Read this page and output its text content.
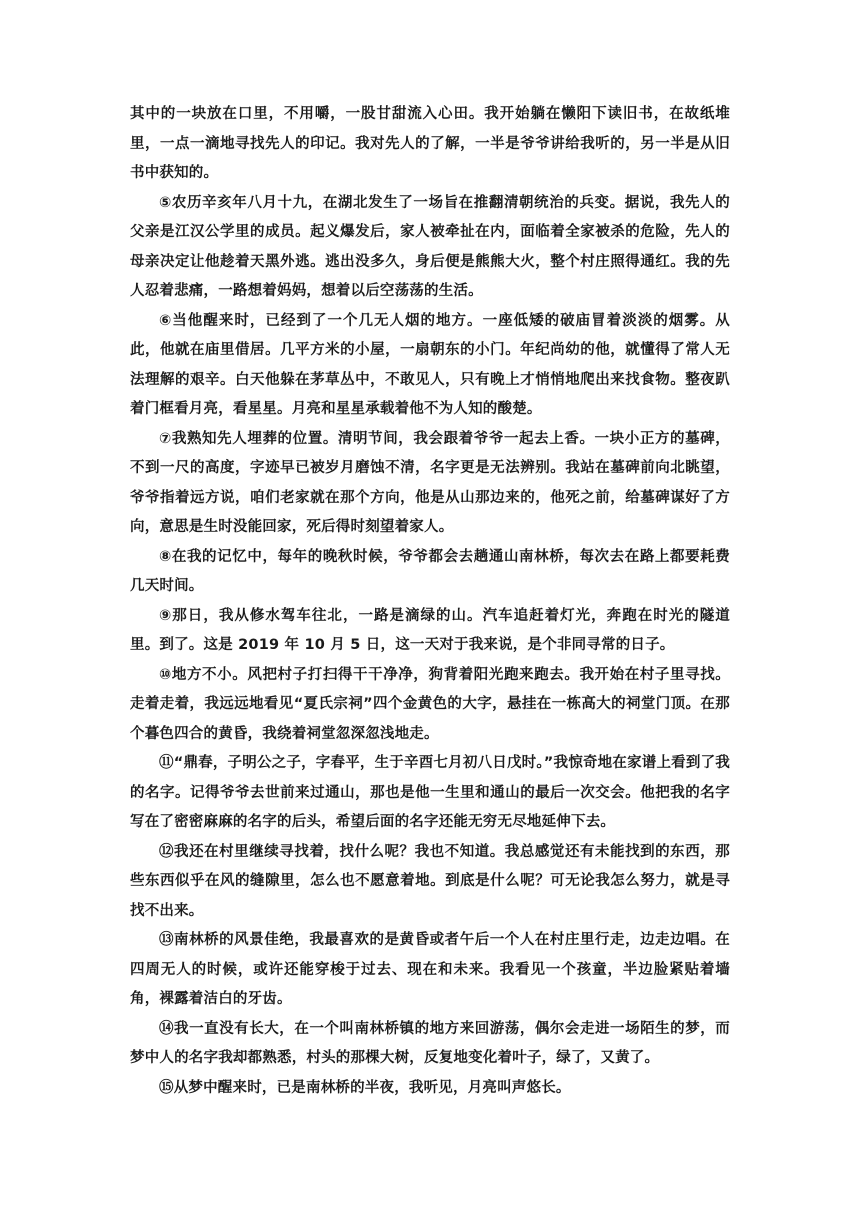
其中的一块放在口里，不用嚼，一股甘甜流入心田。我开始躺在懒阳下读旧书，在故纸堆里，一点一滴地寻找先人的印记。我对先人的了解，一半是爷爷讲给我听的，另一半是从旧书中获知的。

⑤农历辛亥年八月十九，在湖北发生了一场旨在推翻清朝统治的兵变。据说，我先人的父亲是江汉公学里的成员。起义爆发后，家人被牵扯在内，面临着全家被杀的危险，先人的母亲决定让他趁着天黑外逃。逃出没多久，身后便是熊熊大火，整个村庄照得通红。我的先人忍着悲痛，一路想着妈妈，想着以后空荡荡的生活。

⑥当他醒来时，已经到了一个几无人烟的地方。一座低矮的破庙冒着淡淡的烟雾。从此，他就在庙里借居。几平方米的小屋，一扇朝东的小门。年纪尚幼的他，就懂得了常人无法理解的艰辛。白天他躲在茅草丛中，不敢见人，只有晚上才悄悄地爬出来找食物。整夜趴着门框看月亮，看星星。月亮和星星承载着他不为人知的酸楚。

⑦我熟知先人埋葬的位置。清明节间，我会跟着爷爷一起去上香。一块小正方的墓碑，不到一尺的高度，字迹早已被岁月磨蚀不清，名字更是无法辨别。我站在墓碑前向北眺望，爷爷指着远方说，咱们老家就在那个方向，他是从山那边来的，他死之前，给墓碑谋好了方向，意思是生时没能回家，死后得时刻望着家人。

⑧在我的记忆中，每年的晚秋时候，爷爷都会去趟通山南林桥，每次去在路上都要耗费几天时间。

⑨那日，我从修水驾车往北，一路是滴绿的山。汽车追赶着灯光，奔跑在时光的隧道里。到了。这是 2019 年 10 月 5 日，这一天对于我来说，是个非同寻常的日子。

⑩地方不小。风把村子打扫得干干净净，狗背着阳光跑来跑去。我开始在村子里寻找。走着走着，我远远地看见“夏氏宗祠”四个金黄色的大字，悬挂在一栋高大的祠堂门顶。在那个暮色四合的黄昏，我绕着祠堂忽深忽浅地走。

⑪“鼎春，子明公之子，字春平，生于辛酉七月初八日戊时。”我惊奇地在家谱上看到了我的名字。记得爷爷去世前来过通山，那也是他一生里和通山的最后一次交会。他把我的名字写在了密密麻麻的名字的后头，希望后面的名字还能无穷无尽地延伸下去。

⑫我还在村里继续寻找着，找什么呢？我也不知道。我总感觉还有未能找到的东西，那些东西似乎在风的缝隙里，怎么也不愿意着地。到底是什么呢？可无论我怎么努力，就是寻找不出来。

⑬南林桥的风景佳绝，我最喜欢的是黄昏或者午后一个人在村庄里行走，边走边唱。在四周无人的时候，或许还能穿梭于过去、现在和未来。我看见一个孩童，半边脸紧贴着墙角，裸露着洁白的牙齿。

⑭我一直没有长大，在一个叫南林桥镇的地方来回游荡，偶尔会走进一场陌生的梦，而梦中人的名字我却都熟悉，村头的那棵大树，反复地变化着叶子，绿了，又黄了。

⑮从梦中醒来时，已是南林桥的半夜，我听见，月亮叫声悠长。
